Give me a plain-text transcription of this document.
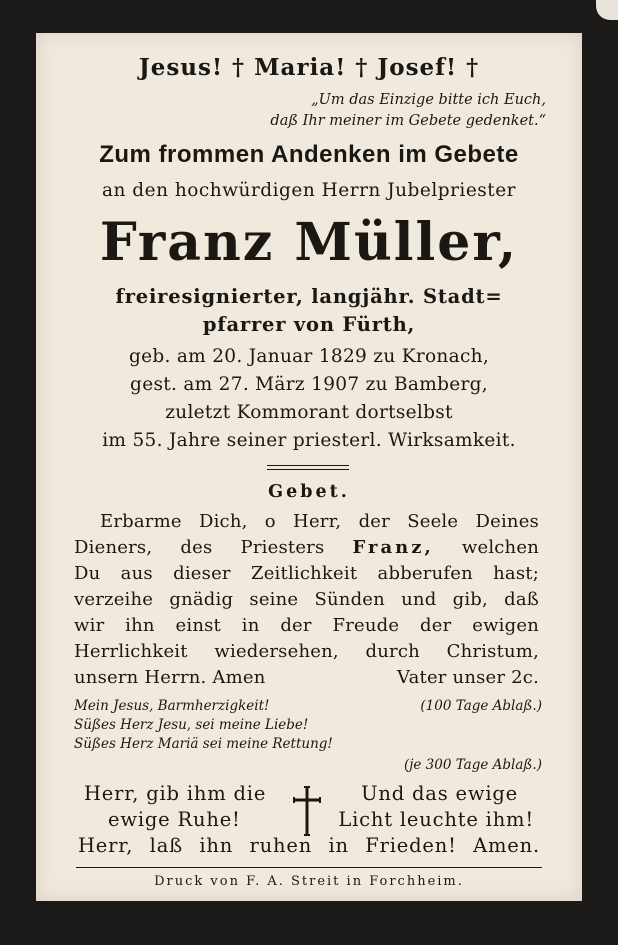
Jesus! † Maria! † Josef! †
„Um das Einzige bitte ich Euch,
daß Ihr meiner im Gebete gedenket.“
Zum frommen Andenken im Gebete
an den hochwürdigen Herrn Jubelpriester
Franz Müller,
freiresignierter, langjähr. Stadt=
pfarrer von Fürth,
geb. am 20. Januar 1829 zu Kronach,
gest. am 27. März 1907 zu Bamberg,
zuletzt Kommorant dortselbst
im 55. Jahre seiner priesterl. Wirksamkeit.
Gebet.
Erbarme Dich, o Herr, der Seele Deines
Dieners, des Priesters Franz, welchen
Du aus dieser Zeitlichkeit abberufen hast;
verzeihe gnädig seine Sünden und gib, daß
wir ihn einst in der Freude der ewigen
Herrlichkeit wiedersehen, durch Christum,
unsern Herrn. Amen	Vater unser 2c.
Mein Jesus, Barmherzigkeit!	(100 Tage Ablaß.)
Süßes Herz Jesu, sei meine Liebe!
Süßes Herz Mariä sei meine Rettung!
(je 300 Tage Ablaß.)
Herr, gib ihm die
ewige Ruhe!
Und das ewige
Licht leuchte ihm!
Herr, laß ihn ruhen in Frieden! Amen.
Druck von F. A. Streit in Forchheim.
